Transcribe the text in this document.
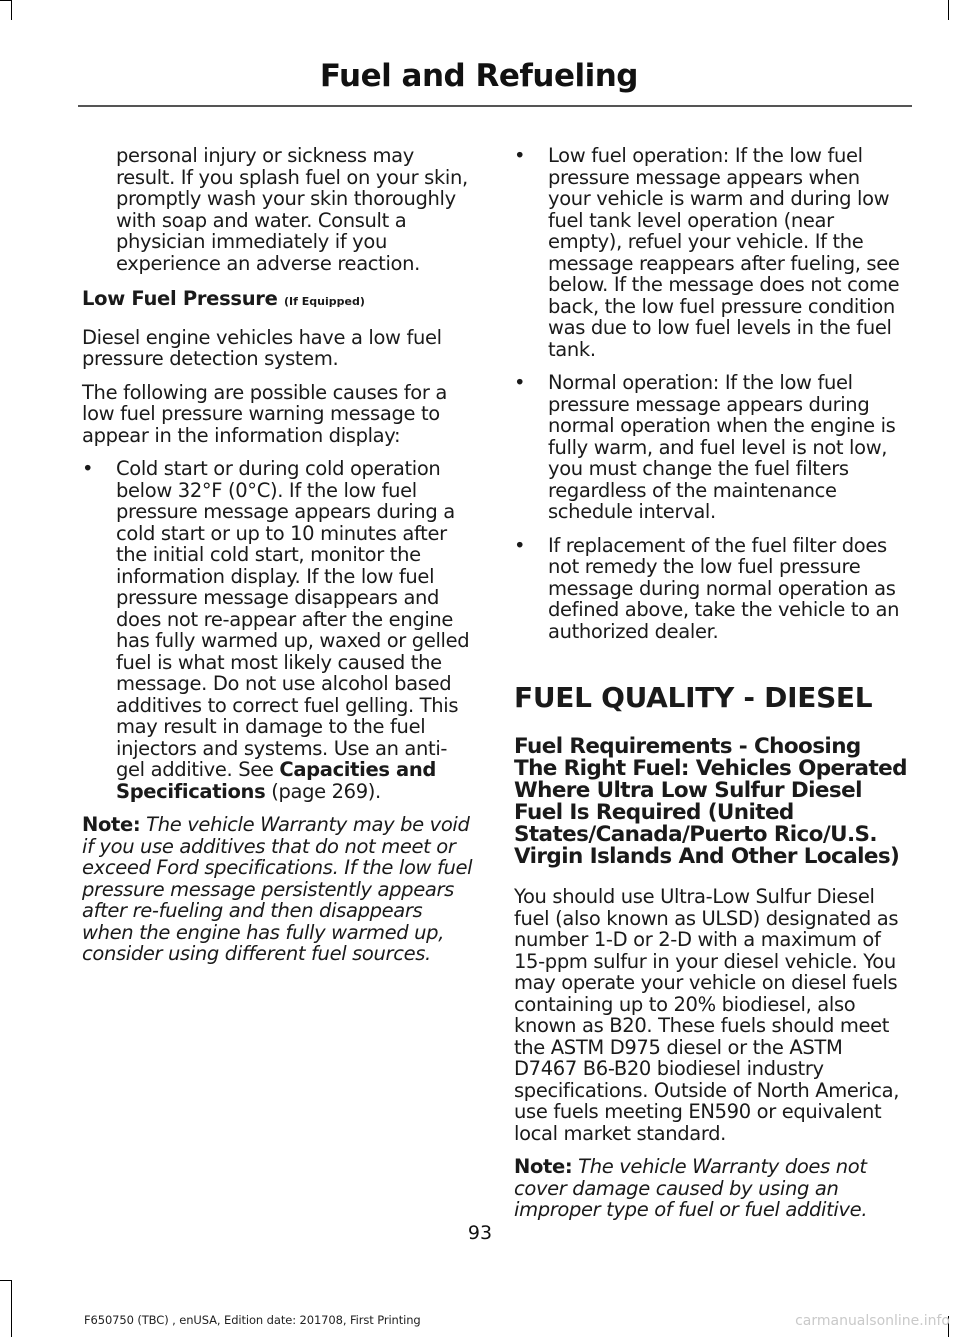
Fuel and Refueling

personal injury or sickness may result. If you splash fuel on your skin, promptly wash your skin thoroughly with soap and water. Consult a physician immediately if you experience an adverse reaction.

Low Fuel Pressure (If Equipped)

Diesel engine vehicles have a low fuel pressure detection system.

The following are possible causes for a low fuel pressure warning message to appear in the information display:

• Cold start or during cold operation below 32°F (0°C). If the low fuel pressure message appears during a cold start or up to 10 minutes after the initial cold start, monitor the information display. If the low fuel pressure message disappears and does not re-appear after the engine has fully warmed up, waxed or gelled fuel is what most likely caused the message. Do not use alcohol based additives to correct fuel gelling. This may result in damage to the fuel injectors and systems. Use an anti-gel additive. See Capacities and Specifications (page 269).

Note: The vehicle Warranty may be void if you use additives that do not meet or exceed Ford specifications. If the low fuel pressure message persistently appears after re-fueling and then disappears when the engine has fully warmed up, consider using different fuel sources.

• Low fuel operation: If the low fuel pressure message appears when your vehicle is warm and during low fuel tank level operation (near empty), refuel your vehicle. If the message reappears after fueling, see below. If the message does not come back, the low fuel pressure condition was due to low fuel levels in the fuel tank.
• Normal operation: If the low fuel pressure message appears during normal operation when the engine is fully warm, and fuel level is not low, you must change the fuel filters regardless of the maintenance schedule interval.
• If replacement of the fuel filter does not remedy the low fuel pressure message during normal operation as defined above, take the vehicle to an authorized dealer.
FUEL QUALITY - DIESEL
Fuel Requirements - Choosing The Right Fuel: Vehicles Operated Where Ultra Low Sulfur Diesel Fuel Is Required (United States/Canada/Puerto Rico/U.S. Virgin Islands And Other Locales)

You should use Ultra-Low Sulfur Diesel fuel (also known as ULSD) designated as number 1-D or 2-D with a maximum of 15-ppm sulfur in your diesel vehicle. You may operate your vehicle on diesel fuels containing up to 20% biodiesel, also known as B20. These fuels should meet the ASTM D975 diesel or the ASTM D7467 B6-B20 biodiesel industry specifications. Outside of North America, use fuels meeting EN590 or equivalent local market standard.

Note: The vehicle Warranty does not cover damage caused by using an improper type of fuel or fuel additive.

93
F650750 (TBC) , enUSA, Edition date: 201708, First Printing	carmanualsonline.info
